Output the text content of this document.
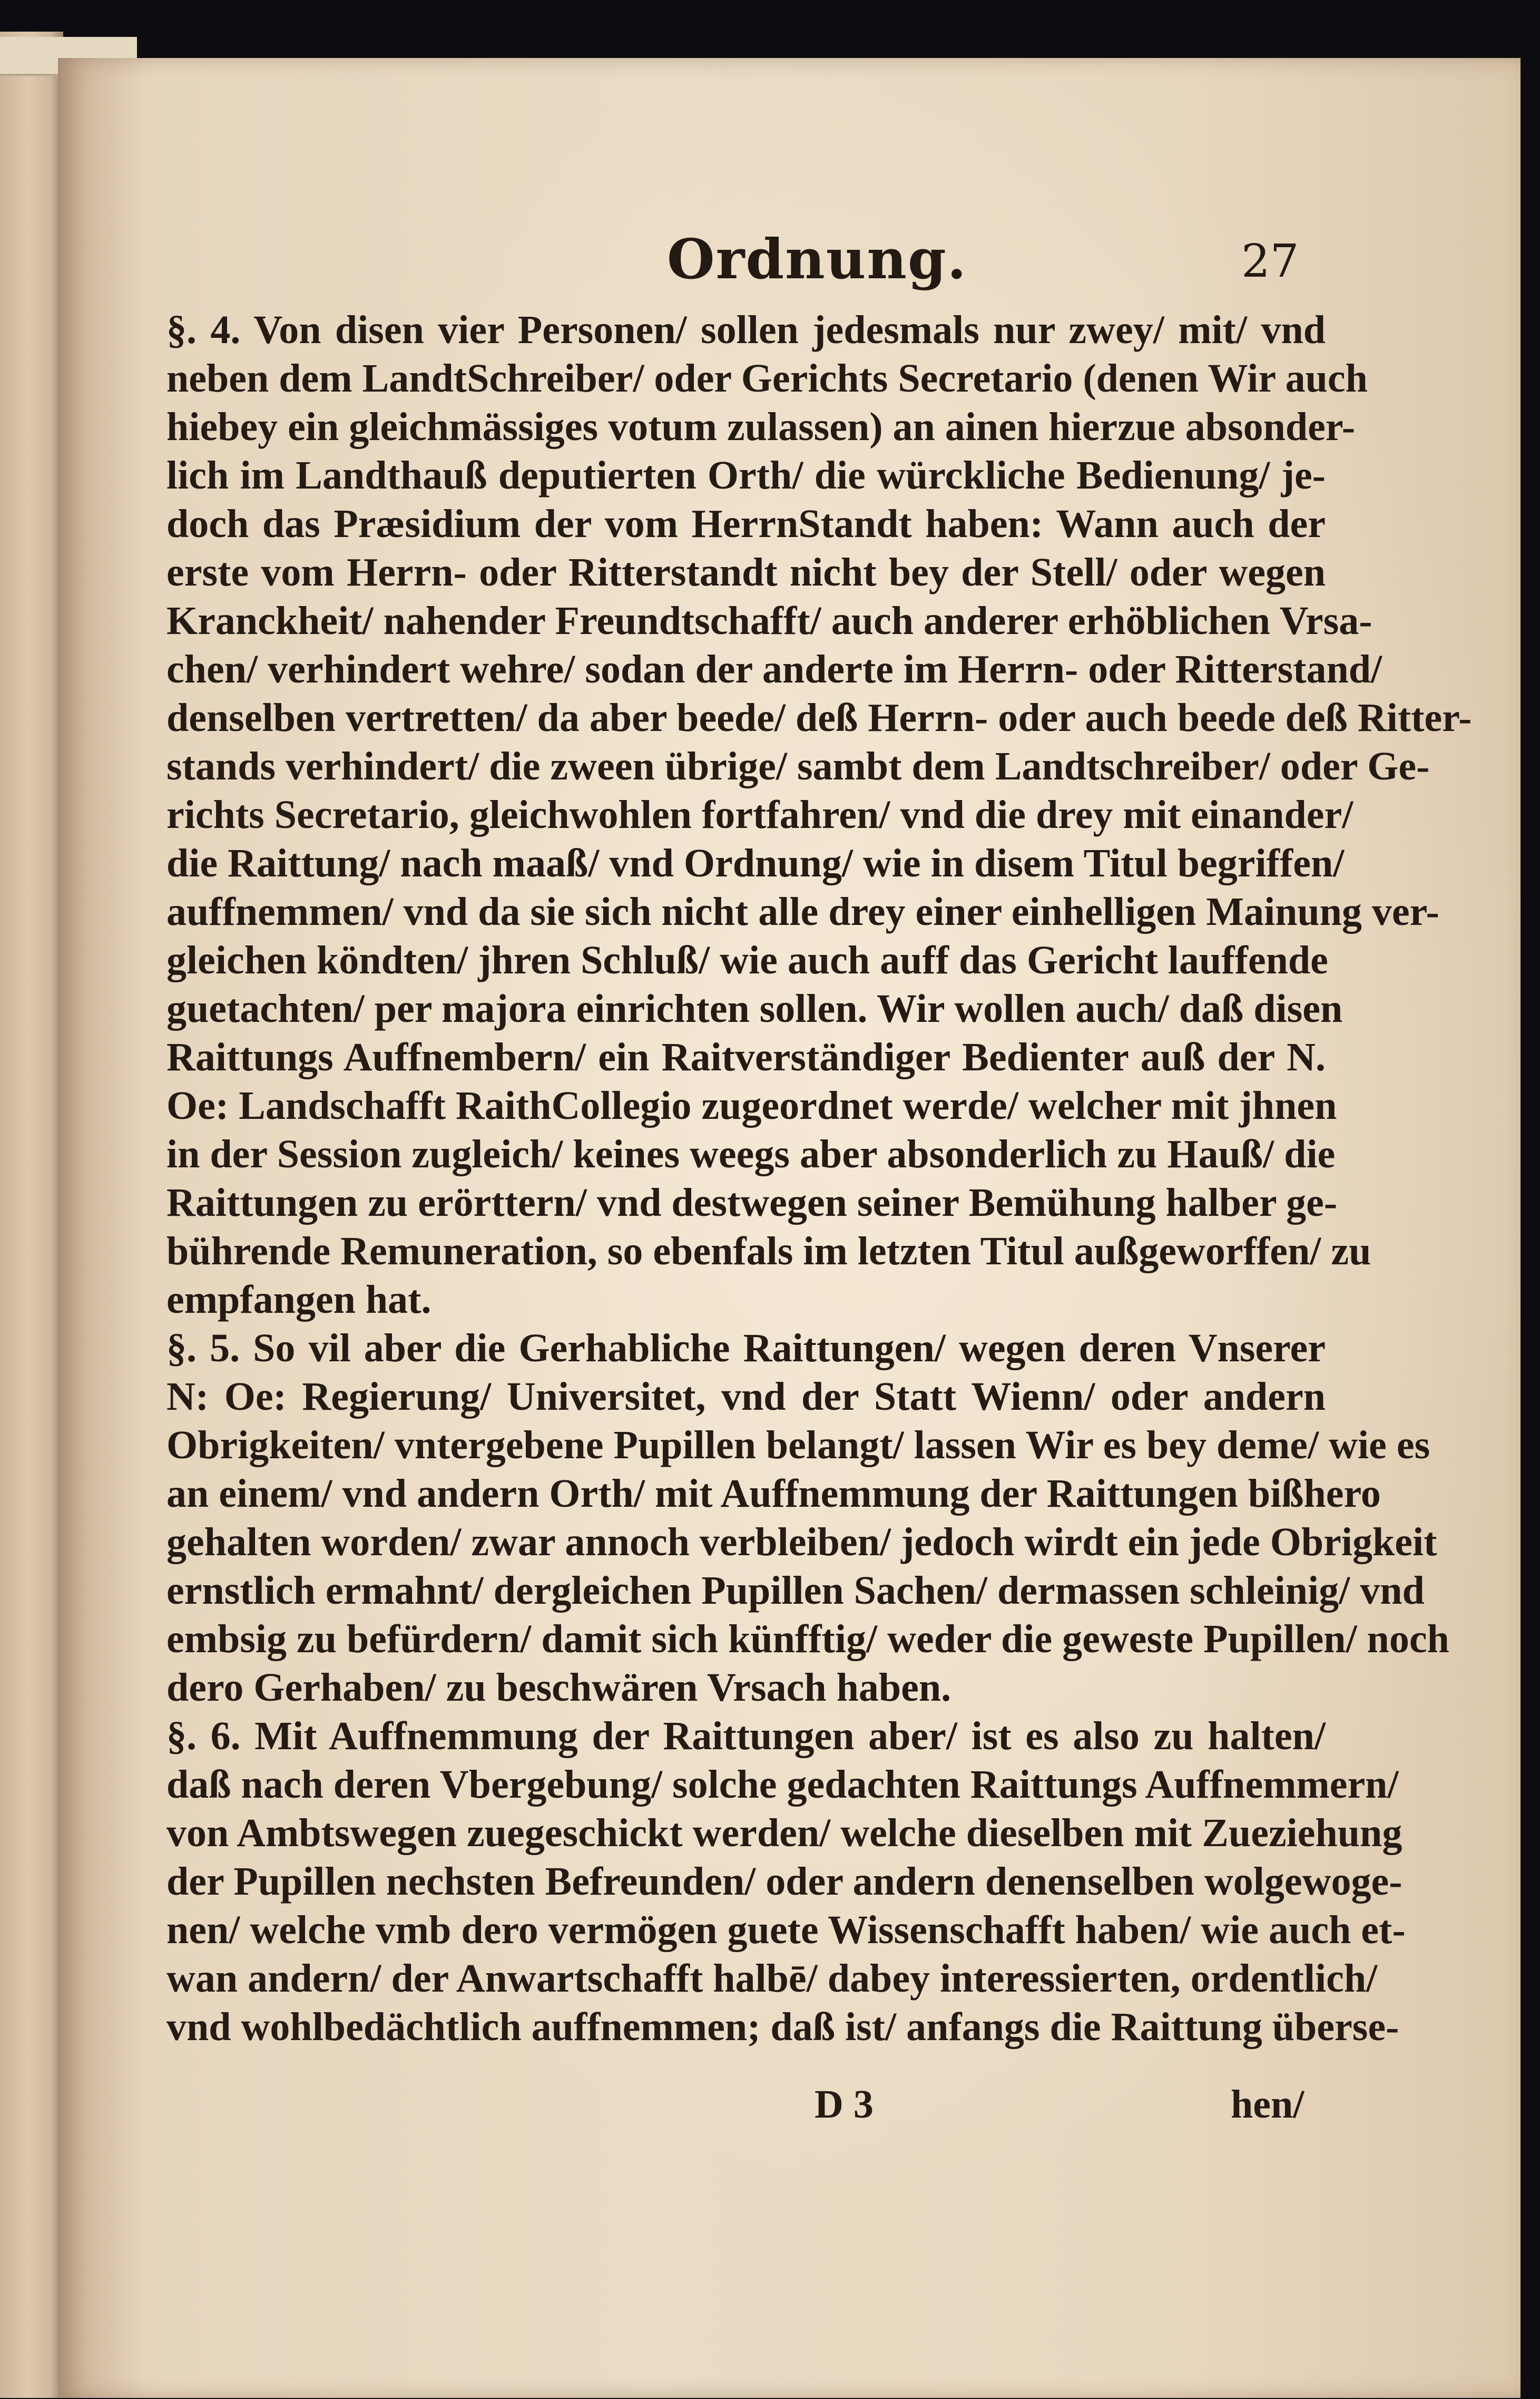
Ordnung.	27
§. 4. Von disen vier Personen/ sollen jedesmals nur zwey/ mit/ vnd
neben dem LandtSchreiber/ oder Gerichts Secretario (denen Wir auch
hiebey ein gleichmässiges votum zulassen) an ainen hierzue absonder-
lich im Landthauß deputierten Orth/ die würckliche Bedienung/ je-
doch das Præsidium der vom HerrnStandt haben: Wann auch der
erste vom Herrn- oder Ritterstandt nicht bey der Stell/ oder wegen
Kranckheit/ nahender Freundtschafft/ auch anderer erhöblichen Vrsa-
chen/ verhindert wehre/ sodan der anderte im Herrn- oder Ritterstand/
denselben vertretten/ da aber beede/ deß Herrn- oder auch beede deß Ritter-
stands verhindert/ die zween übrige/ sambt dem Landtschreiber/ oder Ge-
richts Secretario, gleichwohlen fortfahren/ vnd die drey mit einander/
die Raittung/ nach maaß/ vnd Ordnung/ wie in disem Titul begriffen/
auffnemmen/ vnd da sie sich nicht alle drey einer einhelligen Mainung ver-
gleichen köndten/ jhren Schluß/ wie auch auff das Gericht lauffende
guetachten/ per majora einrichten sollen. Wir wollen auch/ daß disen
Raittungs Auffnembern/ ein Raitverständiger Bedienter auß der N.
Oe: Landschafft RaithCollegio zugeordnet werde/ welcher mit jhnen
in der Session zugleich/ keines weegs aber absonderlich zu Hauß/ die
Raittungen zu erörttern/ vnd destwegen seiner Bemühung halber ge-
bührende Remuneration, so ebenfals im letzten Titul außgeworffen/ zu
empfangen hat.
§. 5. So vil aber die Gerhabliche Raittungen/ wegen deren Vnserer
N: Oe: Regierung/ Universitet, vnd der Statt Wienn/ oder andern
Obrigkeiten/ vntergebene Pupillen belangt/ lassen Wir es bey deme/ wie es
an einem/ vnd andern Orth/ mit Auffnemmung der Raittungen bißhero
gehalten worden/ zwar annoch verbleiben/ jedoch wirdt ein jede Obrigkeit
ernstlich ermahnt/ dergleichen Pupillen Sachen/ dermassen schleinig/ vnd
embsig zu befürdern/ damit sich künfftig/ weder die geweste Pupillen/ noch
dero Gerhaben/ zu beschwären Vrsach haben.
§. 6. Mit Auffnemmung der Raittungen aber/ ist es also zu halten/
daß nach deren Vbergebung/ solche gedachten Raittungs Auffnemmern/
von Ambtswegen zuegeschickt werden/ welche dieselben mit Zueziehung
der Pupillen nechsten Befreunden/ oder andern denenselben wolgewoge-
nen/ welche vmb dero vermögen guete Wissenschafft haben/ wie auch et-
wan andern/ der Anwartschafft halbē/ dabey interessierten, ordentlich/
vnd wohlbedächtlich auffnemmen; daß ist/ anfangs die Raittung überse-
D 3	hen/
